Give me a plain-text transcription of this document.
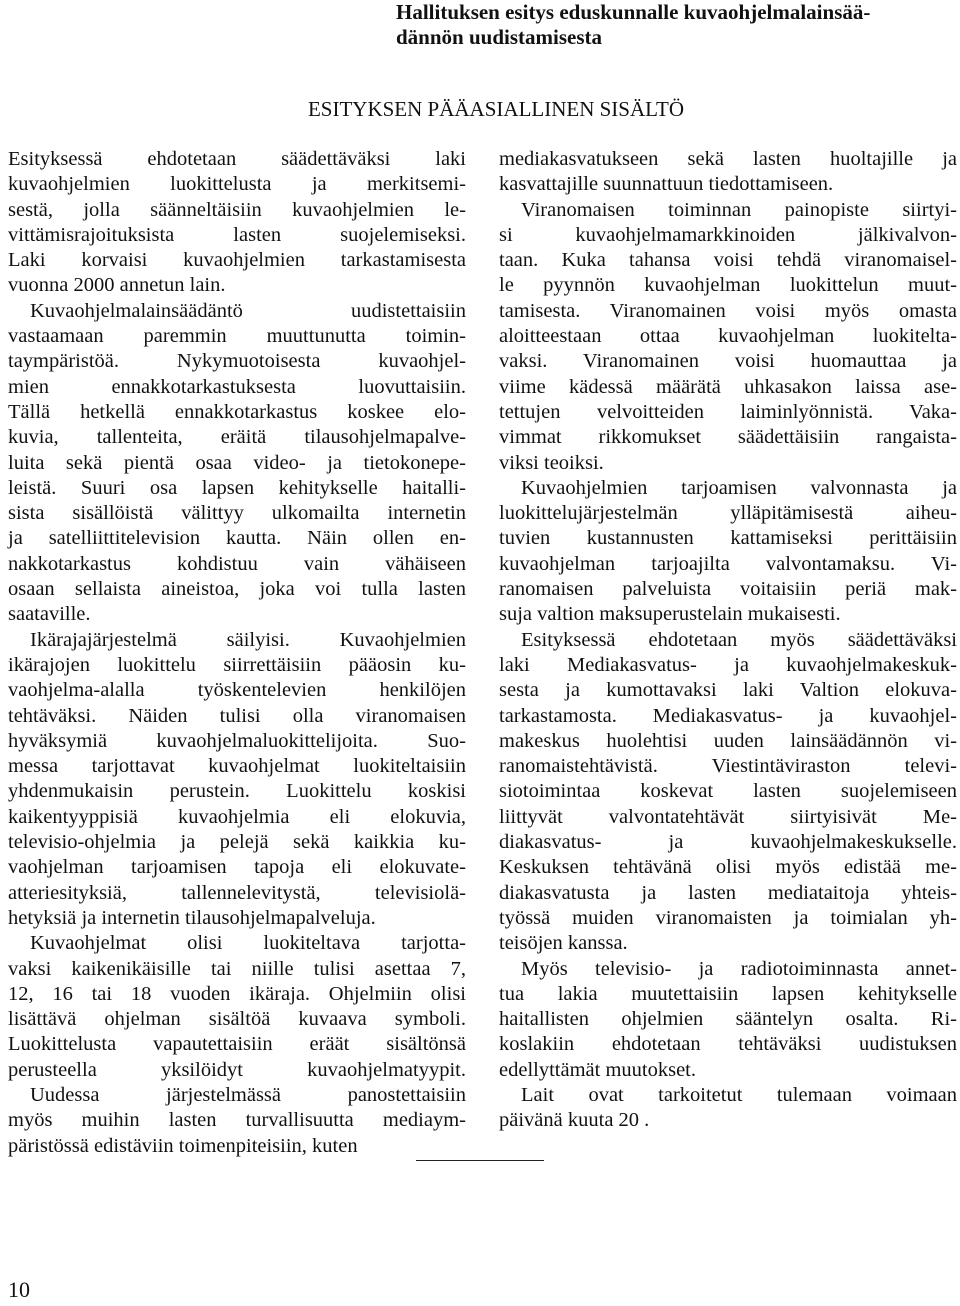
Hallituksen esitys eduskunnalle kuvaohjelmalainsää-
dännön uudistamisesta
ESITYKSEN PÄÄASIALLINEN SISÄLTÖ
Esityksessä ehdotetaan säädettäväksi laki
kuvaohjelmien luokittelusta ja merkitsemi-
sestä, jolla säänneltäisiin kuvaohjelmien le-
vittämisrajoituksista lasten suojelemiseksi.
Laki korvaisi kuvaohjelmien tarkastamisesta
vuonna 2000 annetun lain.
Kuvaohjelmalainsäädäntö uudistettaisiin
vastaamaan paremmin muuttunutta toimin-
taympäristöä. Nykymuotoisesta kuvaohjel-
mien ennakkotarkastuksesta luovuttaisiin.
Tällä hetkellä ennakkotarkastus koskee elo-
kuvia, tallenteita, eräitä tilausohjelmapalve-
luita sekä pientä osaa video- ja tietokonepe-
leistä. Suuri osa lapsen kehitykselle haitalli-
sista sisällöistä välittyy ulkomailta internetin
ja satelliittitelevision kautta. Näin ollen en-
nakkotarkastus kohdistuu vain vähäiseen
osaan sellaista aineistoa, joka voi tulla lasten
saataville.
Ikärajajärjestelmä säilyisi. Kuvaohjelmien
ikärajojen luokittelu siirrettäisiin pääosin ku-
vaohjelma-alalla työskentelevien henkilöjen
tehtäväksi. Näiden tulisi olla viranomaisen
hyväksymiä kuvaohjelmaluokittelijoita. Suo-
messa tarjottavat kuvaohjelmat luokiteltaisiin
yhdenmukaisin perustein. Luokittelu koskisi
kaikentyyppisiä kuvaohjelmia eli elokuvia,
televisio-ohjelmia ja pelejä sekä kaikkia ku-
vaohjelman tarjoamisen tapoja eli elokuvate-
atteriesityksiä, tallennelevitystä, televisiolä-
hetyksiä ja internetin tilausohjelmapalveluja.
Kuvaohjelmat olisi luokiteltava tarjotta-
vaksi kaikenikäisille tai niille tulisi asettaa 7,
12, 16 tai 18 vuoden ikäraja. Ohjelmiin olisi
lisättävä ohjelman sisältöä kuvaava symboli.
Luokittelusta vapautettaisiin eräät sisältönsä
perusteella yksilöidyt kuvaohjelmatyypit.
Uudessa järjestelmässä panostettaisiin
myös muihin lasten turvallisuutta mediaym-
päristössä edistäviin toimenpiteisiin, kuten
mediakasvatukseen sekä lasten huoltajille ja
kasvattajille suunnattuun tiedottamiseen.
Viranomaisen toiminnan painopiste siirtyi-
si kuvaohjelmamarkkinoiden jälkivalvon-
taan. Kuka tahansa voisi tehdä viranomaisel-
le pyynnön kuvaohjelman luokittelun muut-
tamisesta. Viranomainen voisi myös omasta
aloitteestaan ottaa kuvaohjelman luokitelta-
vaksi. Viranomainen voisi huomauttaa ja
viime kädessä määrätä uhkasakon laissa ase-
tettujen velvoitteiden laiminlyönnistä. Vaka-
vimmat rikkomukset säädettäisiin rangaista-
viksi teoiksi.
Kuvaohjelmien tarjoamisen valvonnasta ja
luokittelujärjestelmän ylläpitämisestä aiheu-
tuvien kustannusten kattamiseksi perittäisiin
kuvaohjelman tarjoajilta valvontamaksu. Vi-
ranomaisen palveluista voitaisiin periä mak-
suja valtion maksuperustelain mukaisesti.
Esityksessä ehdotetaan myös säädettäväksi
laki Mediakasvatus- ja kuvaohjelmakeskuk-
sesta ja kumottavaksi laki Valtion elokuva-
tarkastamosta. Mediakasvatus- ja kuvaohjel-
makeskus huolehtisi uuden lainsäädännön vi-
ranomaistehtävistä. Viestintäviraston televi-
siotoimintaa koskevat lasten suojelemiseen
liittyvät valvontatehtävät siirtyisivät Me-
diakasvatus- ja kuvaohjelmakeskukselle.
Keskuksen tehtävänä olisi myös edistää me-
diakasvatusta ja lasten mediataitoja yhteis-
työssä muiden viranomaisten ja toimialan yh-
teisöjen kanssa.
Myös televisio- ja radiotoiminnasta annet-
tua lakia muutettaisiin lapsen kehitykselle
haitallisten ohjelmien sääntelyn osalta. Ri-
koslakiin ehdotetaan tehtäväksi uudistuksen
edellyttämät muutokset.
Lait ovat tarkoitetut tulemaan voimaan
päivänä kuuta 20 .
10
